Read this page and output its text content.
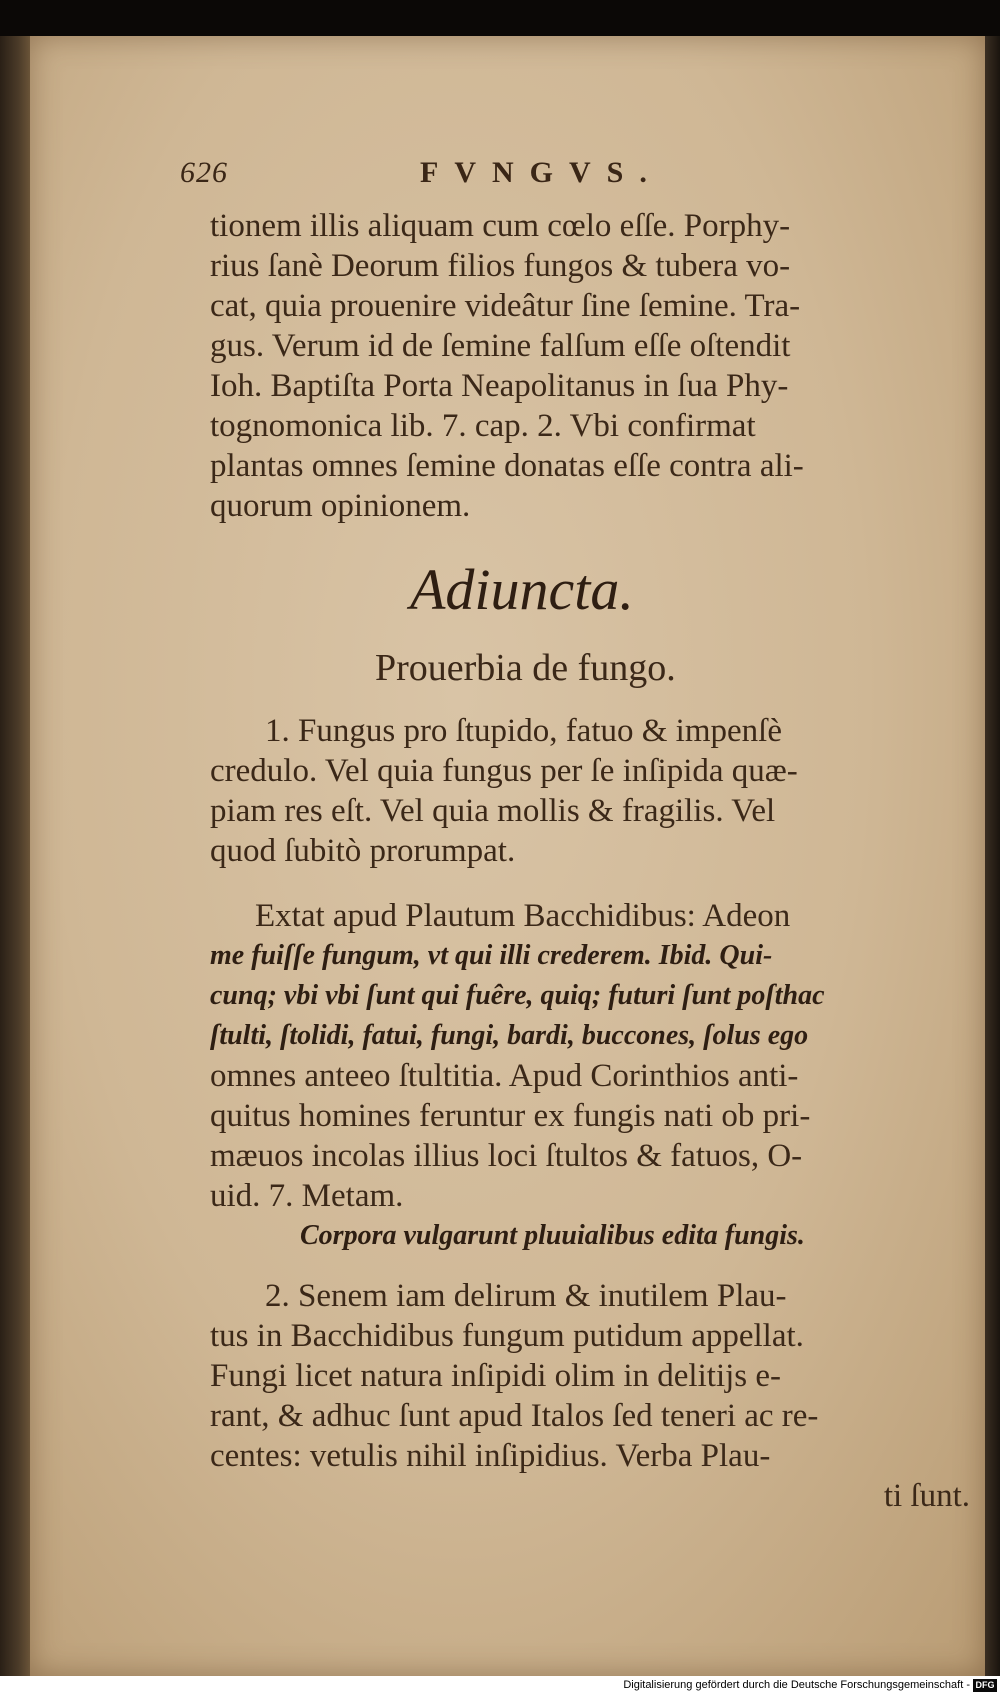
626	FVNGVS.
tionem illis aliquam cum cœlo eſſe. Porphy-
rius ſanè Deorum filios fungos & tubera vo-
cat, quia prouenire videâtur ſine ſemine. Tra-
gus. Verum id de ſemine falſum eſſe oſtendit
Ioh. Baptiſta Porta Neapolitanus in ſua Phy-
tognomonica lib. 7. cap. 2. Vbi confirmat
plantas omnes ſemine donatas eſſe contra ali-
quorum opinionem.
Adiuncta.
Prouerbia de fungo.
1. Fungus pro ſtupido, fatuo & impenſè
credulo. Vel quia fungus per ſe inſipida quæ-
piam res eſt. Vel quia mollis & fragilis. Vel
quod ſubitò prorumpat.
Extat apud Plautum Bacchidibus: Adeon
me fuiſſe fungum, vt qui illi crederem. Ibid. Qui-
cunq; vbi vbi ſunt qui fuêre, quiq; futuri ſunt poſthac
ſtulti, ſtolidi, fatui, fungi, bardi, buccones, ſolus ego
omnes anteeo ſtultitia. Apud Corinthios anti-
quitus homines feruntur ex fungis nati ob pri-
mæuos incolas illius loci ſtultos & fatuos, O-
uid. 7. Metam.
Corpora vulgarunt pluuialibus edita fungis.
2. Senem iam delirum & inutilem Plau-
tus in Bacchidibus fungum putidum appellat.
Fungi licet natura inſipidi olim in delitijs e-
rant, & adhuc ſunt apud Italos ſed teneri ac re-
centes: vetulis nihil inſipidius. Verba Plau-
ti ſunt.
Digitalisierung gefördert durch die Deutsche Forschungsgemeinschaft - DFG
